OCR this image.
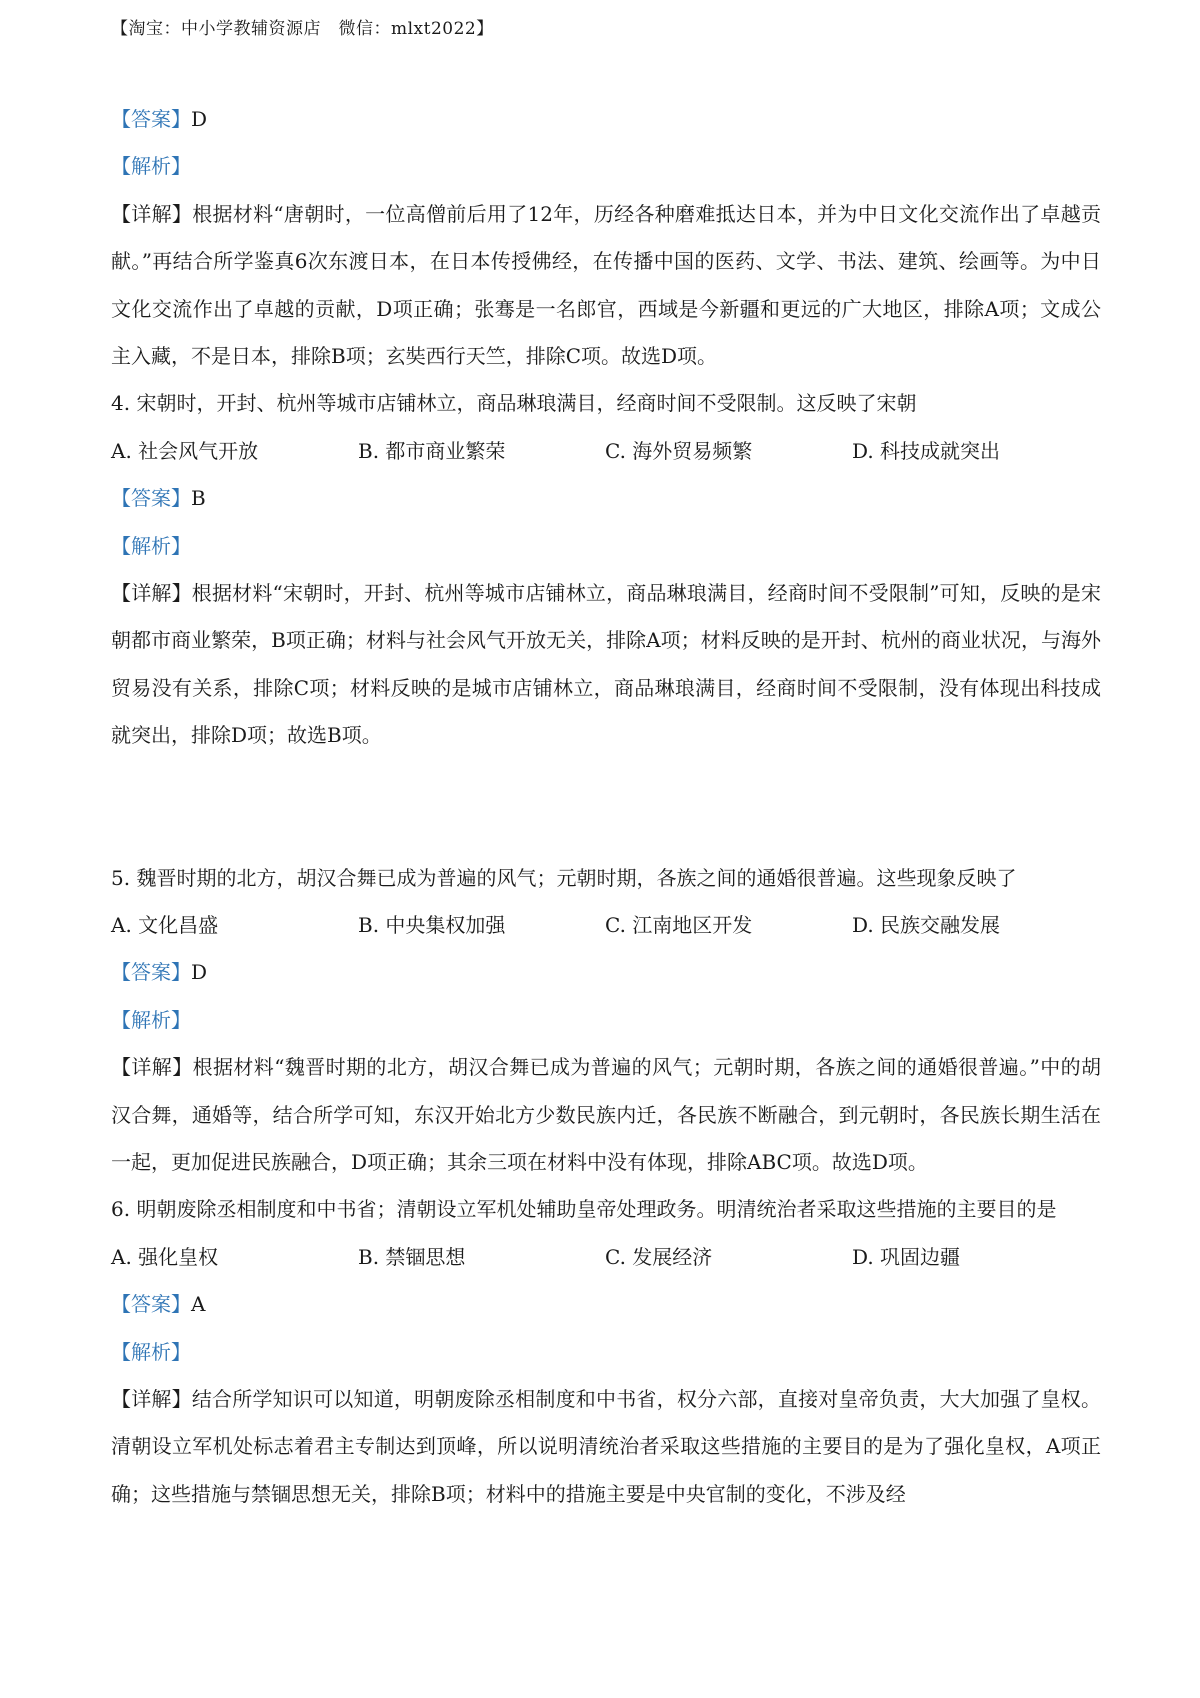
【淘宝：中小学教辅资源店　微信：mlxt2022】
【答案】D
【解析】
【详解】根据材料“唐朝时，一位高僧前后用了12年，历经各种磨难抵达日本，并为中日文化交流作出了卓越贡献。”再结合所学鉴真6次东渡日本，在日本传授佛经，在传播中国的医药、文学、书法、建筑、绘画等。为中日文化交流作出了卓越的贡献，D项正确；张骞是一名郎官，西域是今新疆和更远的广大地区，排除A项；文成公主入藏，不是日本，排除B项；玄奘西行天竺，排除C项。故选D项。
4. 宋朝时，开封、杭州等城市店铺林立，商品琳琅满目，经商时间不受限制。这反映了宋朝
A. 社会风气开放	B. 都市商业繁荣	C. 海外贸易频繁	D. 科技成就突出
【答案】B
【解析】
【详解】根据材料“宋朝时，开封、杭州等城市店铺林立，商品琳琅满目，经商时间不受限制”可知，反映的是宋朝都市商业繁荣，B项正确；材料与社会风气开放无关，排除A项；材料反映的是开封、杭州的商业状况，与海外贸易没有关系，排除C项；材料反映的是城市店铺林立，商品琳琅满目，经商时间不受限制，没有体现出科技成就突出，排除D项；故选B项。
5. 魏晋时期的北方，胡汉合舞已成为普遍的风气；元朝时期，各族之间的通婚很普遍。这些现象反映了
A. 文化昌盛	B. 中央集权加强	C. 江南地区开发	D. 民族交融发展
【答案】D
【解析】
【详解】根据材料“魏晋时期的北方，胡汉合舞已成为普遍的风气；元朝时期，各族之间的通婚很普遍。”中的胡汉合舞，通婚等，结合所学可知，东汉开始北方少数民族内迁，各民族不断融合，到元朝时，各民族长期生活在一起，更加促进民族融合，D项正确；其余三项在材料中没有体现，排除ABC项。故选D项。
6. 明朝废除丞相制度和中书省；清朝设立军机处辅助皇帝处理政务。明清统治者采取这些措施的主要目的是
A. 强化皇权	B. 禁锢思想	C. 发展经济	D. 巩固边疆
【答案】A
【解析】
【详解】结合所学知识可以知道，明朝废除丞相制度和中书省，权分六部，直接对皇帝负责，大大加强了皇权。清朝设立军机处标志着君主专制达到顶峰，所以说明清统治者采取这些措施的主要目的是为了强化皇权，A项正确；这些措施与禁锢思想无关，排除B项；材料中的措施主要是中央官制的变化，不涉及经
